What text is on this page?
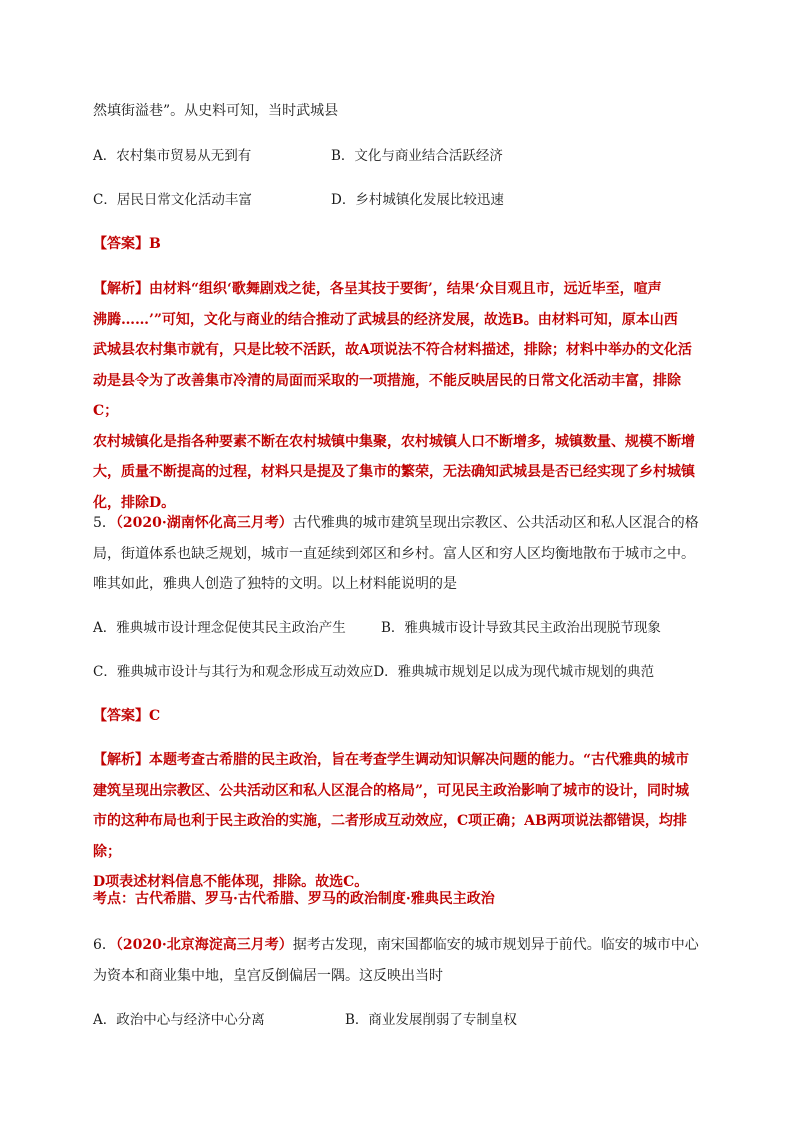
然填街溢巷”。从史料可知，当时武城县
A．农村集市贸易从无到有	B．文化与商业结合活跃经济
C．居民日常文化活动丰富	D．乡村城镇化发展比较迅速
【答案】B
【解析】由材料“组织‘歌舞剧戏之徒，各呈其技于要街’，结果‘众目观且市，远近毕至，喧声
沸腾……’”可知，文化与商业的结合推动了武城县的经济发展，故选B。由材料可知，原本山西
武城县农村集市就有，只是比较不活跃，故A项说法不符合材料描述，排除；材料中举办的文化活
动是县令为了改善集市冷清的局面而采取的一项措施，不能反映居民的日常文化活动丰富，排除C；
农村城镇化是指各种要素不断在农村城镇中集聚，农村城镇人口不断增多，城镇数量、规模不断增
大，质量不断提高的过程，材料只是提及了集市的繁荣，无法确知武城县是否已经实现了乡村城镇
化，排除D。
5．（2020·湖南怀化高三月考）古代雅典的城市建筑呈现出宗教区、公共活动区和私人区混合的格
局，街道体系也缺乏规划，城市一直延续到郊区和乡村。富人区和穷人区均衡地散布于城市之中。
唯其如此，雅典人创造了独特的文明。以上材料能说明的是
A．雅典城市设计理念促使其民主政治产生	B．雅典城市设计导致其民主政治出现脱节现象
C．雅典城市设计与其行为和观念形成互动效应D．雅典城市规划足以成为现代城市规划的典范
【答案】C
【解析】本题考查古希腊的民主政治，旨在考查学生调动知识解决问题的能力。“古代雅典的城市
建筑呈现出宗教区、公共活动区和私人区混合的格局”，可见民主政治影响了城市的设计，同时城
市的这种布局也利于民主政治的实施，二者形成互动效应，C项正确；AB两项说法都错误，均排除；
D项表述材料信息不能体现，排除。故选C。
考点：古代希腊、罗马·古代希腊、罗马的政治制度·雅典民主政治
6．（2020·北京海淀高三月考）据考古发现，南宋国都临安的城市规划异于前代。临安的城市中心
为资本和商业集中地，皇宫反倒偏居一隅。这反映出当时
A．政治中心与经济中心分离	B．商业发展削弱了专制皇权
